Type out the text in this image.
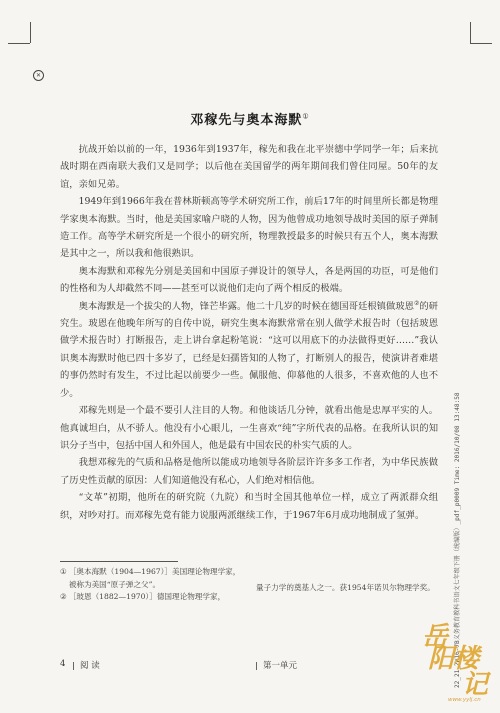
✕
邓稼先与奥本海默①

抗战开始以前的一年，1936年到1937年，稼先和我在北平崇德中学同学一年；后来抗战时期在西南联大我们又是同学；以后他在美国留学的两年期间我们曾住同屋。50年的友谊，亲如兄弟。

1949年到1966年我在普林斯顿高等学术研究所工作，前后17年的时间里所长都是物理学家奥本海默。当时，他是美国家喻户晓的人物，因为他曾成功地领导战时美国的原子弹制造工作。高等学术研究所是一个很小的研究所，物理教授最多的时候只有五个人，奥本海默是其中之一，所以我和他很熟识。

奥本海默和邓稼先分别是美国和中国原子弹设计的领导人，各是两国的功臣，可是他们的性格和为人却截然不同——甚至可以说他们走向了两个相反的极端。

奥本海默是一个拔尖的人物，锋芒毕露。他二十几岁的时候在德国哥廷根镇做玻恩②的研究生。玻恩在他晚年所写的自传中说，研究生奥本海默常常在别人做学术报告时（包括玻恩做学术报告时）打断报告，走上讲台拿起粉笔说：“这可以用底下的办法做得更好……”我认识奥本海默时他已四十多岁了，已经是妇孺皆知的人物了，打断别人的报告，使演讲者难堪的事仍然时有发生，不过比起以前要少一些。佩服他、仰慕他的人很多，不喜欢他的人也不少。

邓稼先则是一个最不要引人注目的人物。和他谈话几分钟，就看出他是忠厚平实的人。他真诚坦白，从不骄人。他没有小心眼儿，一生喜欢“纯”字所代表的品格。在我所认识的知识分子当中，包括中国人和外国人，他是最有中国农民的朴实气质的人。

我想邓稼先的气质和品格是他所以能成功地领导各阶层许许多多工作者，为中华民族做了历史性贡献的原因：人们知道他没有私心，人们绝对相信他。

“文革”初期，他所在的研究院（九院）和当时全国其他单位一样，成立了两派群众组织，对吵对打。而邓稼先竟有能力说服两派继续工作，于1967年6月成功地制成了氢弹。

① ［奥本海默（1904—1967）］美国理论物理学家，被称为美国“原子弹之父”。
② ［玻恩（1882—1970）］德国理论物理学家，
量子力学的奠基人之一。获1954年诺贝尔物理学奖。
4 阅 读	第一单元	22_21_2W16-7B义务教育教科书语文七年级下册（统编版）_pdf_p0009 Time: 2016/10/08 13:48:58
岳
阳楼
记
www.yylj.cn
